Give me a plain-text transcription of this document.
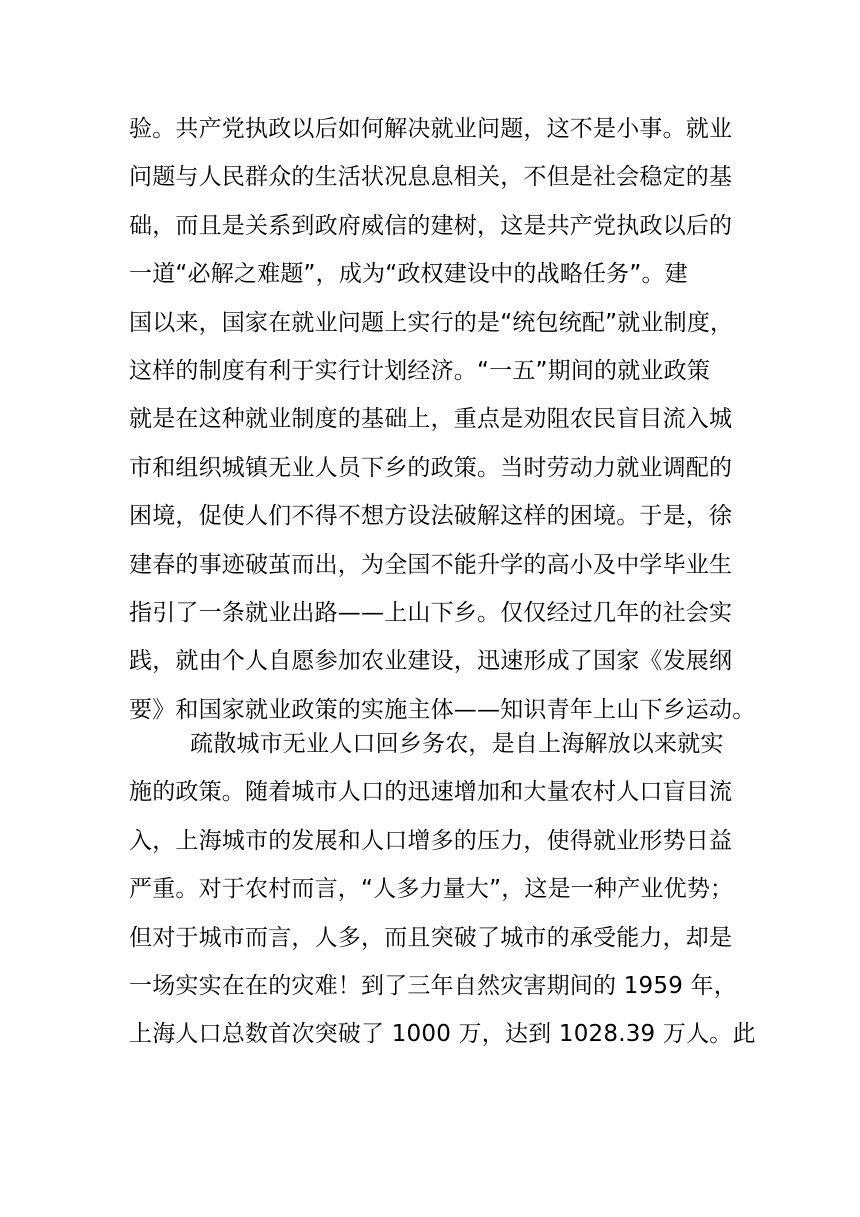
验。共产党执政以后如何解决就业问题，这不是小事。就业
问题与人民群众的生活状况息息相关，不但是社会稳定的基
础，而且是关系到政府威信的建树，这是共产党执政以后的
一道“必解之难题”，成为“政权建设中的战略任务”。建
国以来，国家在就业问题上实行的是“统包统配”就业制度，
这样的制度有利于实行计划经济。“一五”期间的就业政策
就是在这种就业制度的基础上，重点是劝阻农民盲目流入城
市和组织城镇无业人员下乡的政策。当时劳动力就业调配的
困境，促使人们不得不想方设法破解这样的困境。于是，徐
建春的事迹破茧而出，为全国不能升学的高小及中学毕业生
指引了一条就业出路——上山下乡。仅仅经过几年的社会实
践，就由个人自愿参加农业建设，迅速形成了国家《发展纲
要》和国家就业政策的实施主体——知识青年上山下乡运动。
疏散城市无业人口回乡务农，是自上海解放以来就实
施的政策。随着城市人口的迅速增加和大量农村人口盲目流
入，上海城市的发展和人口增多的压力，使得就业形势日益
严重。对于农村而言，“人多力量大”，这是一种产业优势；
但对于城市而言，人多，而且突破了城市的承受能力，却是
一场实实在在的灾难！到了三年自然灾害期间的 1959 年，
上海人口总数首次突破了 1000 万，达到 1028.39 万人。此
